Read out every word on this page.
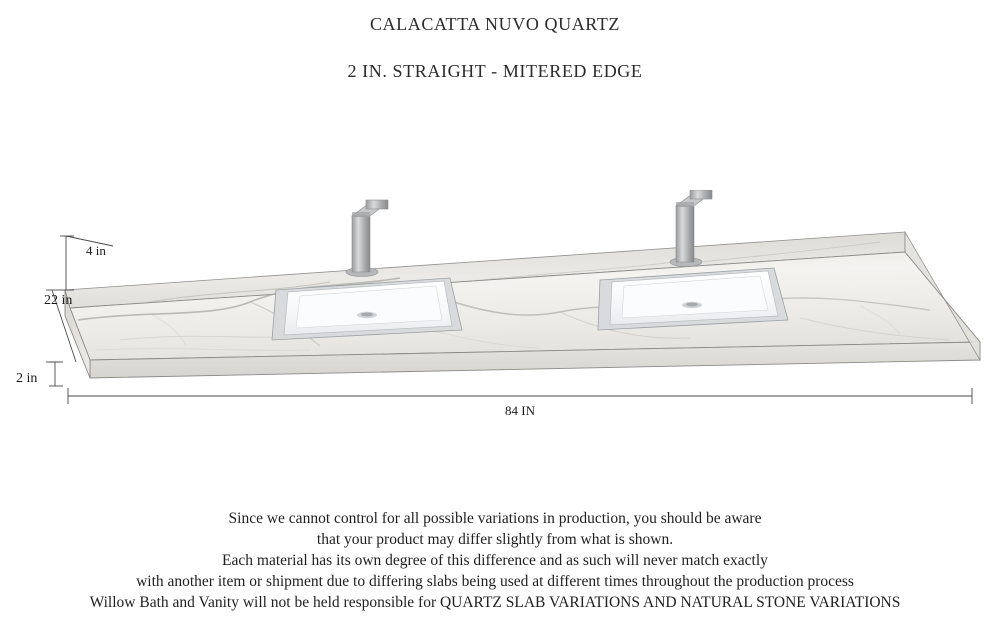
CALACATTA NUVO QUARTZ
2 IN. STRAIGHT - MITERED EDGE
4 in
22 in
2 in
84 IN
Since we cannot control for all possible variations in production, you should be aware
that your product may differ slightly from what is shown.
Each material has its own degree of this difference and as such will never match exactly
with another item or shipment due to differing slabs being used at different times throughout the production process
Willow Bath and Vanity will not be held responsible for QUARTZ SLAB VARIATIONS AND NATURAL STONE VARIATIONS
